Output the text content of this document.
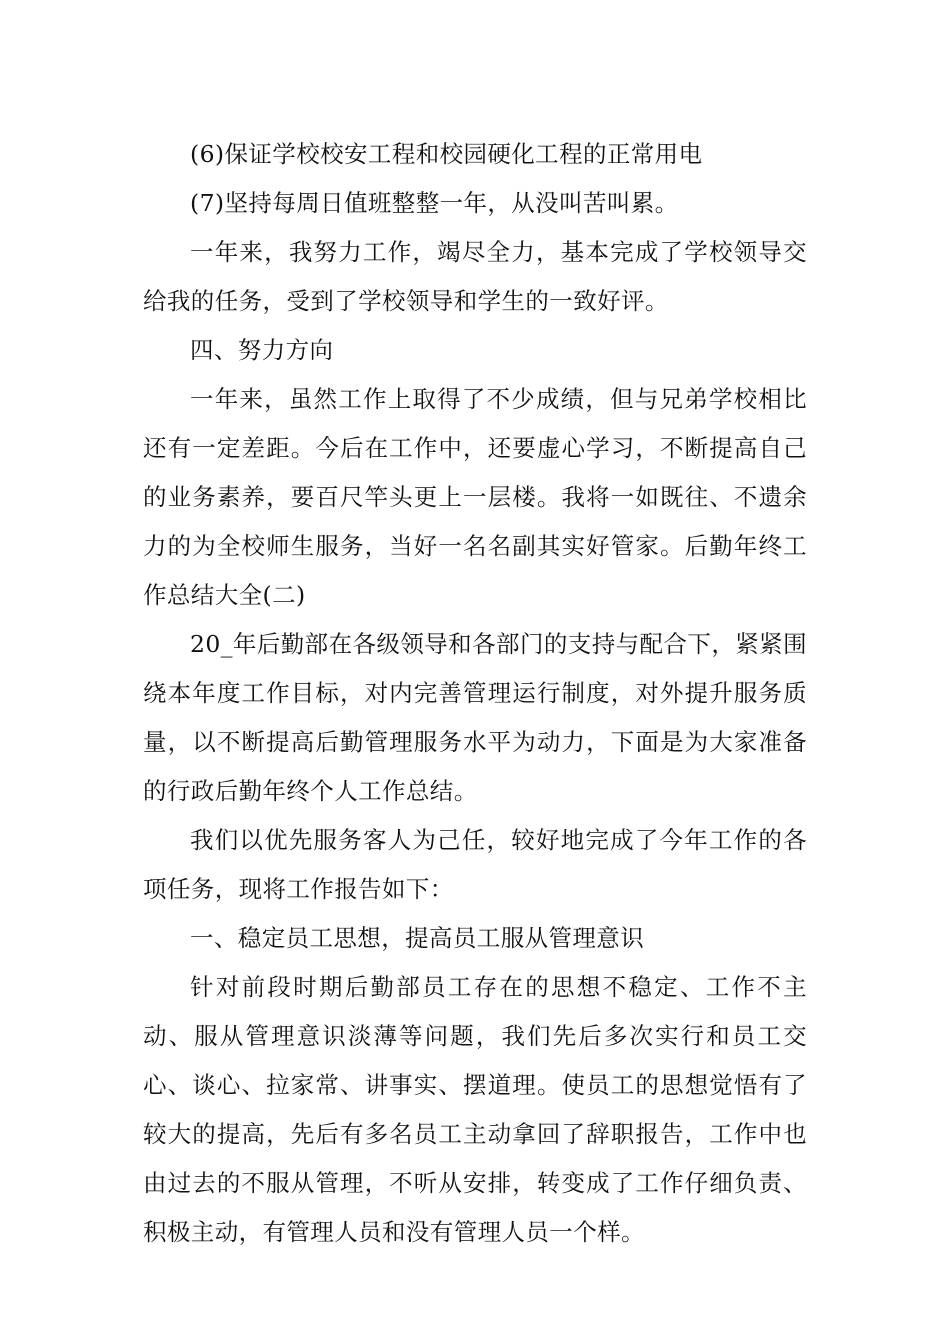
(6)保证学校校安工程和校园硬化工程的正常用电

(7)坚持每周日值班整整一年，从没叫苦叫累。

一年来，我努力工作，竭尽全力，基本完成了学校领导交给我的任务，受到了学校领导和学生的一致好评。

四、努力方向

一年来，虽然工作上取得了不少成绩，但与兄弟学校相比还有一定差距。今后在工作中，还要虚心学习，不断提高自己的业务素养，要百尺竿头更上一层楼。我将一如既往、不遗余力的为全校师生服务，当好一名名副其实好管家。后勤年终工作总结大全(二)

20_年后勤部在各级领导和各部门的支持与配合下，紧紧围绕本年度工作目标，对内完善管理运行制度，对外提升服务质量，以不断提高后勤管理服务水平为动力，下面是为大家准备的行政后勤年终个人工作总结。

我们以优先服务客人为己任，较好地完成了今年工作的各项任务，现将工作报告如下：

一、稳定员工思想，提高员工服从管理意识

针对前段时期后勤部员工存在的思想不稳定、工作不主动、服从管理意识淡薄等问题，我们先后多次实行和员工交心、谈心、拉家常、讲事实、摆道理。使员工的思想觉悟有了较大的提高，先后有多名员工主动拿回了辞职报告，工作中也由过去的不服从管理，不听从安排，转变成了工作仔细负责、积极主动，有管理人员和没有管理人员一个样。
